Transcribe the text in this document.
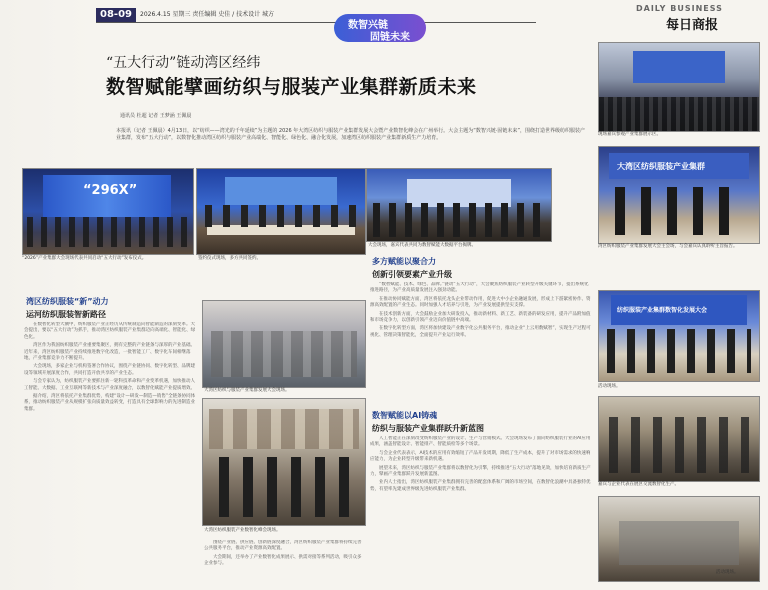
08-09	2026.4.15 星期三 责任编辑 史佳 / 技术设计 城方
数智兴链
固链未来
DAILY BUSINESS
每日商报
“五大行动”链动湾区经纬
数智赋能擘画纺织与服装产业集群新质未来
通讯员 杜超 记者 王梦涵 王佩晨
本报讯（记者 王佩晨）4月13日，以“纺织——湾光的千年延续”为主题的 2026 年大湾区纺织与服装产业集群发展大会暨产业数智化峰会在广州举行。大会主题为“数智兴链·固链未来”，围绕打造世界级纺织服装产业集群，发布“五大行动”，以数智化推动湾区纺织与服装产业高端化、智能化、绿色化、融合化发展，加速湾区纺织服装产业集群新质生产力培育。
“296X”
“2026”产业集群大会现场代表共同启动“五大行动”发布仪式。	签约仪式现场，多方共同签约。
现场嘉宾参观产业集群展示区。
大湾区纺织服装产业集群
湾区纺织服装产业集群发展大会主会场，与会嘉宾认真聆听主旨报告。
纺织服装产业集群数智化发展大会
活动现场。
嘉宾与企业代表在展区交流数智化生产。
活动现场。
大湾区纺织与服装产业集群发展大会现场。
大湾区纺织服装产业数智化峰会现场。
大会现场，嘉宾代表共同为数智赋能大数据平台揭牌。
湾区纺织服装“新”动力
运河纺织服装智新路径

在数智化转型大潮中，纺织服装产业正经历从传统制造向智能制造的深刻变革。大会提出，要以“五大行动”为抓手，推动湾区纺织服装产业集群迈向高端化、智能化、绿色化。

湾区作为我国纺织服装产业重要集聚区，拥有完整的产业链条与深厚的产业基础。近年来，湾区纺织服装产业持续推进数字化改造，一批智能工厂、数字化车间相继落地，产业集群竞争力不断提升。

大会现场，多家企业与机构签署合作协议，围绕产业链协同、数字化转型、品牌建设等领域开展深度合作，共同打造开放共享的产业生态。

与会专家认为，纺织服装产业要抓住新一轮科技革命和产业变革机遇，加快推动人工智能、大数据、工业互联网等新技术与产业深度融合，以数智化赋能产业提质增效。

据介绍，湾区将依托产业集群优势，构建“设计—研发—制造—销售”全链条协同体系，推动纺织服装产业从规模扩张向质量效益转变，打造具有全球影响力的先进制造业集群。

围绕产业链、供应链、创新链深度融合，湾区纺织服装产业集群将持续完善公共服务平台，推动产业资源高效配置。

大会期间，还举办了产业数智化成果展示、供需对接等系列活动，吸引众多企业参与。

多方赋能以聚合力
创新引领要素产业升级

“数智赋能、技术、绿色、品牌。”链动“五大行动”，大会聚焦纺织服装产业转型升级关键环节，提出系统化推进路径，为产业高质量发展注入强劲动能。

在推动协同赋能方面，湾区将依托龙头企业带动作用，促进大中小企业融通发展，形成上下游紧密协作、资源高效配置的产业生态。同时加强人才培养与引进，为产业发展提供坚实支撑。

在技术创新方面，大会鼓励企业加大研发投入，推动新材料、新工艺、新装备的研发应用，提升产品附加值和市场竞争力，以创新引领产业迈向价值链中高端。

在数字化转型方面，湾区将加快建设产业数字化公共服务平台，推动企业“上云用数赋智”，实现生产过程可视化、管理决策智能化，全面提升产业运行效率。

数智赋能以AI铸魂
纺织与服装产业集群跃升新蓝图

人工智能正在深刻改变纺织服装产业的设计、生产与营销模式。大会现场发布了面向纺织服装行业的AI应用成果，涵盖智能设计、智能排产、智能质检等多个场景。

与会企业代表表示，AI技术的应用有效缩短了产品开发周期，降低了生产成本，提升了对市场需求的快速响应能力，为企业转型升级带来新机遇。

展望未来，湾区纺织与服装产业集群将以数智化为引擎，持续推进“五大行动”落地见效，加快培育新质生产力，擘画产业集群跃升发展新蓝图。

业内人士指出，湾区纺织服装产业集群拥有完善的配套体系和广阔的市场空间，在数智化浪潮中具备独特优势，有望率先建成世界级先进纺织服装产业集群。
